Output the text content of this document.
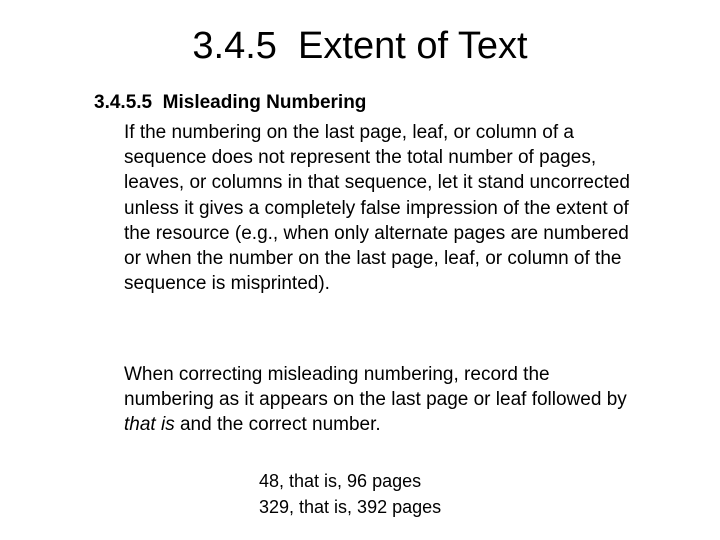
3.4.5  Extent of Text
3.4.5.5  Misleading Numbering

If the numbering on the last page, leaf, or column of a sequence does not represent the total number of pages, leaves, or columns in that sequence, let it stand uncorrected unless it gives a completely false impression of the extent of the resource (e.g., when only alternate pages are numbered or when the number on the last page, leaf, or column of the sequence is misprinted).

When correcting misleading numbering, record the numbering as it appears on the last page or leaf followed by that is and the correct number.

48, that is, 96 pages
329, that is, 392 pages
